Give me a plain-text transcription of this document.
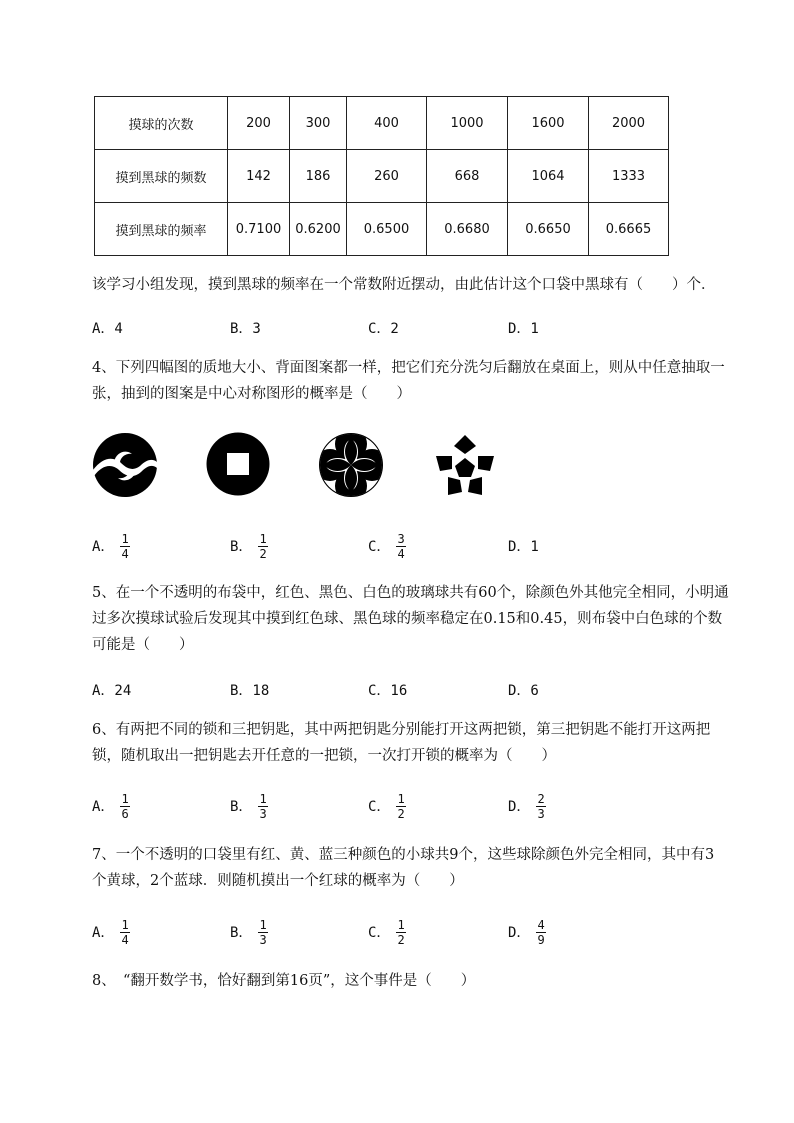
摸球的次数	200	300	400	1000	1600	2000
摸到黑球的频数	142	186	260	668	1064	1333
摸到黑球的频率	0.7100	0.6200	0.6500	0.6680	0.6650	0.6665
该学习小组发现，摸到黑球的频率在一个常数附近摆动，由此估计这个口袋中黑球有（　　）个．
A．4	B．3	C．2	D．1
4、下列四幅图的质地大小、背面图案都一样，把它们充分洗匀后翻放在桌面上，则从中任意抽取一
张，抽到的图案是中心对称图形的概率是（　　）
A． $\frac{1}{4}$	B． $\frac{1}{2}$	C． $\frac{3}{4}$	D．1
5、在一个不透明的布袋中，红色、黑色、白色的玻璃球共有60个，除颜色外其他完全相同，小明通
过多次摸球试验后发现其中摸到红色球、黑色球的频率稳定在0.15和0.45，则布袋中白色球的个数
可能是（　　）
A．24	B．18	C．16	D．6
6、有两把不同的锁和三把钥匙，其中两把钥匙分别能打开这两把锁，第三把钥匙不能打开这两把
锁，随机取出一把钥匙去开任意的一把锁，一次打开锁的概率为（　　）
A． $\frac{1}{6}$	B． $\frac{1}{3}$	C． $\frac{1}{2}$	D． $\frac{2}{3}$
7、一个不透明的口袋里有红、黄、蓝三种颜色的小球共9个，这些球除颜色外完全相同，其中有3
个黄球，2个蓝球．则随机摸出一个红球的概率为（　　）
A． $\frac{1}{4}$	B． $\frac{1}{3}$	C． $\frac{1}{2}$	D． $\frac{4}{9}$
8、　“翻开数学书，恰好翻到第16页”，这个事件是（　　）
